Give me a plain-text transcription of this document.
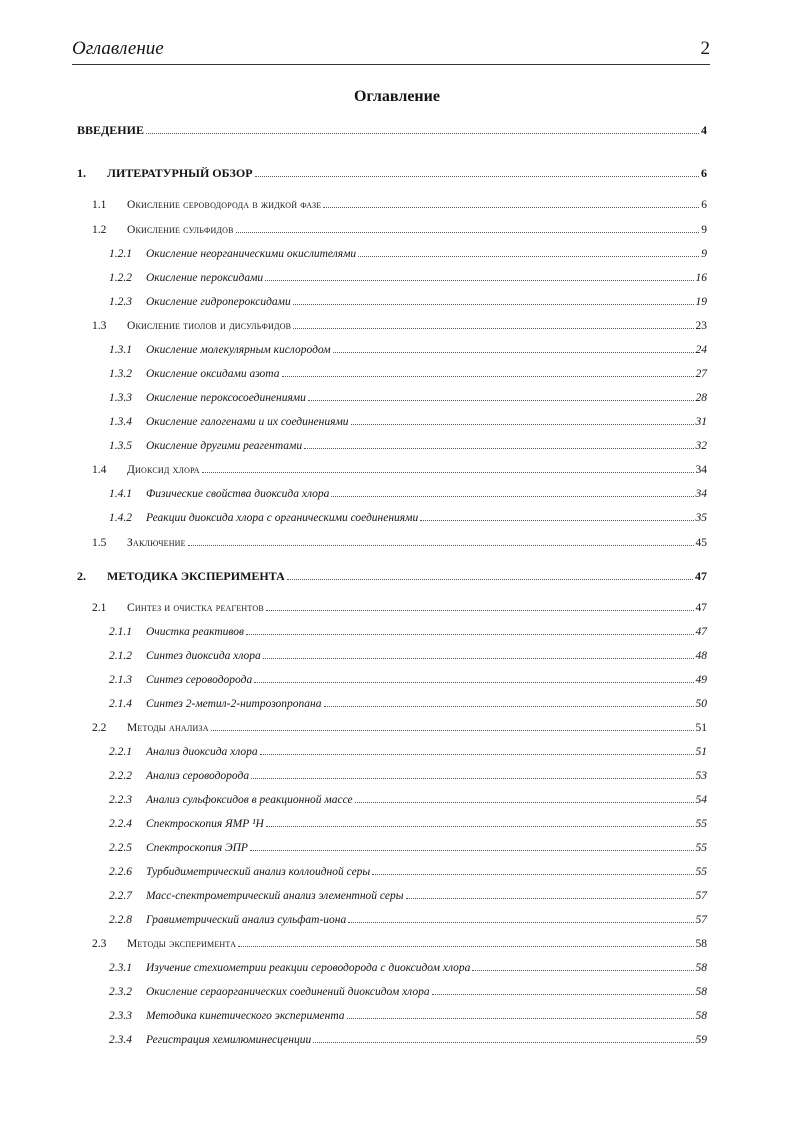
Оглавление	2
Оглавление
ВВЕДЕНИЕ	4
1.	ЛИТЕРАТУРНЫЙ ОБЗОР	6
1.1	Окисление сероводорода в жидкой фазе	6
1.2	Окисление сульфидов	9
1.2.1	Окисление неорганическими окислителями	9
1.2.2	Окисление пероксидами	16
1.2.3	Окисление гидропероксидами	19
1.3	Окисление тиолов и дисульфидов	23
1.3.1	Окисление молекулярным кислородом	24
1.3.2	Окисление оксидами азота	27
1.3.3	Окисление пероксосоединениями	28
1.3.4	Окисление галогенами и их соединениями	31
1.3.5	Окисление другими реагентами	32
1.4	Диоксид хлора	34
1.4.1	Физические свойства диоксида хлора	34
1.4.2	Реакции диоксида хлора с органическими соединениями	35
1.5	Заключение	45
2.	МЕТОДИКА ЭКСПЕРИМЕНТА	47
2.1	Синтез и очистка реагентов	47
2.1.1	Очистка реактивов	47
2.1.2	Синтез диоксида хлора	48
2.1.3	Синтез сероводорода	49
2.1.4	Синтез 2-метил-2-нитрозопропана	50
2.2	Методы анализа	51
2.2.1	Анализ диоксида хлора	51
2.2.2	Анализ сероводорода	53
2.2.3	Анализ сульфоксидов в реакционной массе	54
2.2.4	Спектроскопия ЯМР ¹Н	55
2.2.5	Спектроскопия ЭПР	55
2.2.6	Турбидиметрический анализ коллоидной серы	55
2.2.7	Масс-спектрометрический анализ элементной серы	57
2.2.8	Гравиметрический анализ сульфат-иона	57
2.3	Методы эксперимента	58
2.3.1	Изучение стехиометрии реакции сероводорода с диоксидом хлора	58
2.3.2	Окисление сераорганических соединений диоксидом хлора	58
2.3.3	Методика кинетического эксперимента	58
2.3.4	Регистрация хемилюминесценции	59
